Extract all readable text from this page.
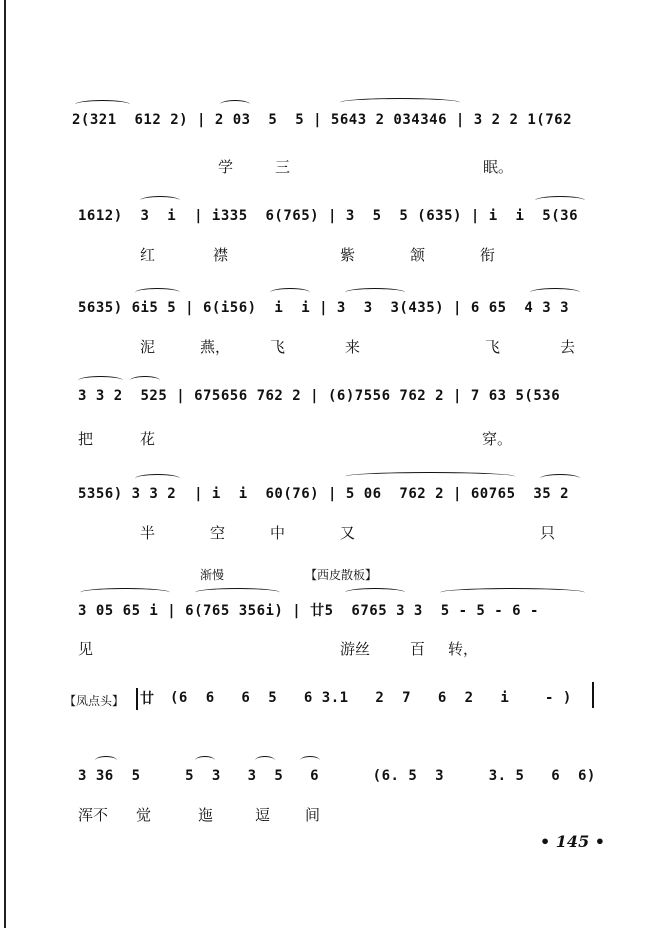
2(321  612 2) | 2 03  5  5 | 5643 2 034346 | 3 2 2 1(762
学	三	眠。
1612)  3  i  | i335  6(765) | 3  5  5 (635) | i  i  5(36
红	襟	紫	颔	衔
5635) 6i5 5 | 6(i56)  i  i | 3  3  3(435) | 6 65  4 3 3
泥	燕，	飞	来	飞	去
3 3 2  525 | 675656 762 2 | (6)7556 762 2 | 7 63 5(536
把	花	穿。
5356) 3 3 2  | i  i  60(76) | 5 06  762 2 | 60765  35 2
半	空	中	又	只
渐慢	【西皮散板】
3 05 65 i | 6(765 356i) | 廿5  6765 3 3  5 - 5 - 6 -
见	游丝	百 转，
【凤点头】 廿 (6  6   6  5   6 3.1   2  7   6  2   i    - )
3 36  5     5  3   3  5   6      (6. 5  3     3. 5   6  6)
浑不 觉	迤	逗 间
• 145 •
